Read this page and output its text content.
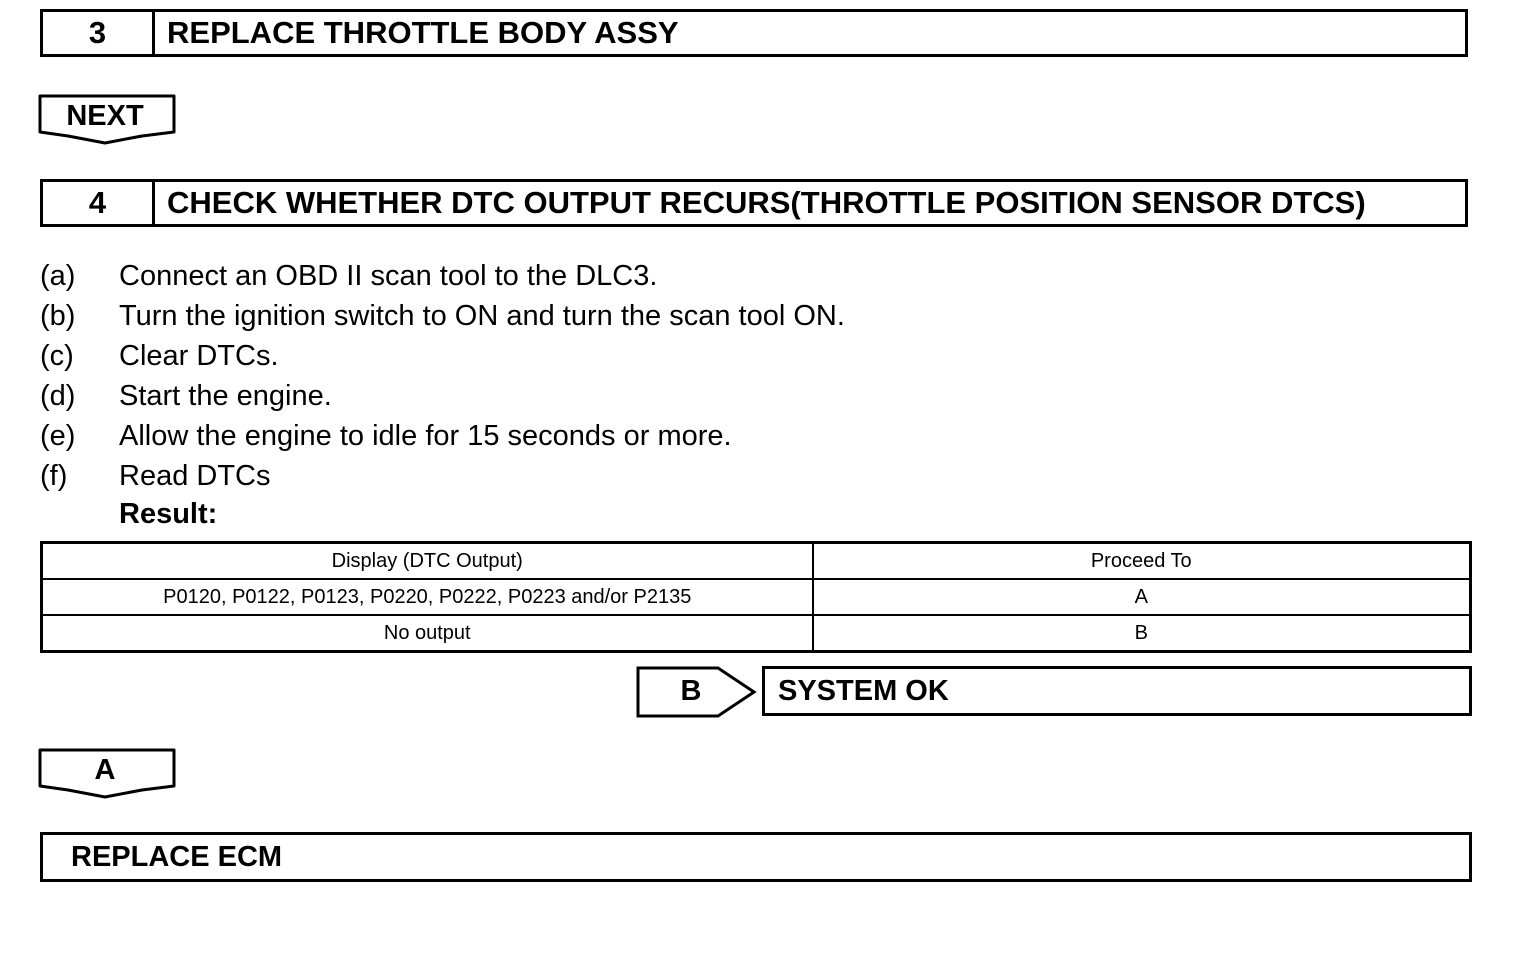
3	REPLACE THROTTLE BODY ASSY
NEXT
4	CHECK WHETHER DTC OUTPUT RECURS(THROTTLE POSITION SENSOR DTCS)
(a)	Connect an OBD II scan tool to the DLC3.
(b)	Turn the ignition switch to ON and turn the scan tool ON.
(c)	Clear DTCs.
(d)	Start the engine.
(e)	Allow the engine to idle for 15 seconds or more.
(f)	Read DTCs
Result:
Display (DTC Output)	Proceed To
P0120, P0122, P0123, P0220, P0222, P0223 and/or P2135	A
No output	B
B	SYSTEM OK
A
REPLACE ECM
